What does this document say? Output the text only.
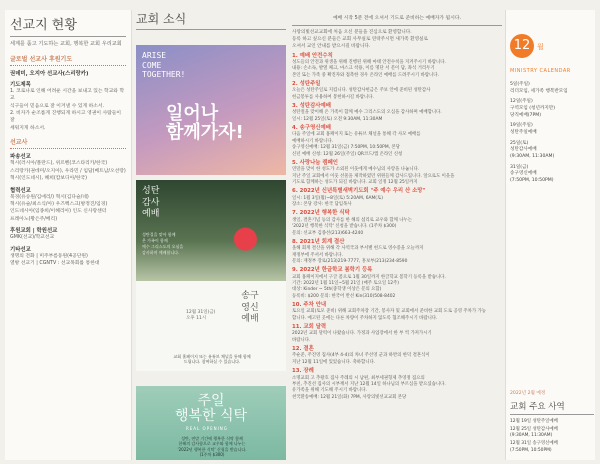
선교지 현황
세계를 품고 기도하는 교회, 행복한 교회 우리교회
글로벌 선교사 후원기도
권데미, 오지아 선교사(스리랑카)
기도제목
1. 코로나로 인해 어려운 시간을 보내고 있는 학교와 학교
식구들이 믿음으로 잘 이겨낼 수 있게 하소서.
2. 비자가 순조롭게 진행되게 하시고 영권이 사람들이 잘
세워지게 하소서.
선교사
파송선교
혁시(러시아/폴란드), 위르벤(코스타리카/한국)
스리랑카(권데미/오지아), 우라민 / 임답(베트남/오선랑)
혁시(인도네시), 혜희(캄보디아/한국)
협력선교
북경(유승원/김애리/) 혁시(김다슬/네)
혁시(유슬/최소식/아) 우즈벡스크(방정진/임경)
인도네시아(임종희/이혜리아) 인도 신사랑센터
프레아노(황은주/베리)
후원교회 | 학원선교
GMK(선교)/학교선교
기타선교
생명의 전화 | 미주부름동원(4공단원)
열방 선교기 | CGNTV : 선교목회를 통한대
교회 소식
ARISE
COME
TOGETHER!
일어나
함께가자!
성탄
감사
예배
성탄절을 맞아 함께
온 가족이 함께
예수 그리스도의 오심을
감사하며 예배합니다.
송구
영신
예배
12월 31일(금)
오후 11시
교회 홈페이지 또는 유튜브 채널을 통해 함께
드립니다. 참여하실 수 있습니다.
주일
행복한 식탁
REAL OPENING
성탄, 연말 기간에 행복한 식탁 함께
한해의 감사함으로 교우와 함께 나누는
'2022년 행복한 식탁' 신청을 받습니다.
(1주차 $300)
예배 시작 5분 전에 오셔서 기도로 준비하는 예배자가 됩시다.
사랑의빛선교교회에 처음 오신 분들을 진심으로 환영합니다.
등록 하고 싶으신 분들은 교회 사무실로 연락주시면 새가족 환영실로
오셔서 교인 안내를 받으시길 바랍니다.
1. 예배 안전수칙
성도들의 안전과 위생을 위해 진행된 위해 마태 안전수칙을 지켜주시기 바랍니다.
내용: 손소독, 발열 체크, 마스크 착용, 이름 명단 서 문이 담, 좌석 거리두기
본인 또는 가족 중 확진자와 접촉한 경우 온라인 예배를 드려주시기 바랍니다.
2. 성탄주일
오늘은 성탄주일로 지킵니다. 성탄감사헌금은 주보 안에 준비된 성탄감사
헌금봉투를 사용하여 봉헌하시길 바랍니다.
3. 성탄감사예배
성탄절을 맞이해 온 가족이 함께 예수 그리스도의 오심을 감사하며 예배합니다.
일시: 12월 25일(토) 오전 9:30AM, 11:30AM
4. 송구영신예배
다음 주일에 교회 홈페이지 또는 유튜브 채널을 통해 각 사모 예배를
예배하시기 바랍니다.
송구영신예배: 12월 31일(금) 7:50PM, 10:50PM, 본당
신년 예배 신청: 12월 26일(주일) QR코드/앱 온라인 신청
5. 사랑나눔 캠페인
연말을 맞이 한 성도가 소외된 이웃에게 예수님의 사랑을 나눕니다.
지난 주일 교회에서 이웃 선물을 제작하였던 위원들께 감사드립니다. 앞으로도 이웃을
기도로 함께하는 성도가 되길 바랍니다. 교회 일정 12월 25일까지
6. 2022년 신년특별새벽기도회 "주 예수 우리 산 소망"
일시: 1월 3일(월)~8일(토) 5:20AM, 6AM(토)
장소: 본당 강사: 한국 담임목사
7. 2022년 행복한 식탁
생일, 결혼기념 등의 감사를 한 해의 섭리로 교우와 함께 나누는
'2022년 행복한 식탁' 신청을 받습니다. (1주차 $300)
문의: 선교부 김종선(213)663-4240
8. 2021년 회계 결산
올해 회계 결산을 위해 각 사역국과 부서별 헌드로 영수증을 오늘까지
재정부에 주셔서 바랍니다.
문의: 재정부 장로(213)219-7777, 홍보부(213)234-8590
9. 2022년 한글학교 봄학기 등록
교회 홈페이지에서 구글 폼으로 1월 30일까지 한글학교 봄학기 등록을 받습니다.
기간: 2022년 1월 11일~5월 21일 (매주 토요일 12주)
대상: Kinder ~ 5th(중학생 이상은 문의 요함)
등록비: $200 문의: 한국어 반선 Kin(310)508-8402
10. 주차 안내
토요일 교회(토모 준비) 위해 교회주차장 기간, 봉사자 및 교회에서 준비한 교회 도로 공영 주차가 가능
합니다. 예고된 곳에는 다른 차량이 주차하지 않도록 협조해주시기 바랍니다.
11. 교회 달력
2022년 교회 달력이 나왔습니다. 가정과 사업장에서 한 부 씩 가져가시기
바랍니다.
12. 결혼
주순준, 주진영 집사(4부 4-4)의 차녀 주선영 군과 하반의 한덕 결혼식이
지난 12월 11일에 있었습니다. 축하합니다.
13. 장례
소명교회 고 추왕호 집사 주례의 시 남편, 최부세권형제 추영정 집으의
부친, 추진선 집사의 시부께서 지난 12월 14일 하나님의 부르심을 받으셨습니다.
유가족을 위해 기도해 주시기 바랍니다.
천국환송예배: 12월 21일(화) 7PM, 사랑의빛선교교회 본당
12 월
MINISTRY CALENDAR
5일(주일)
리더모임, 세가족 행복반모임
12일(주일)
구역모임 (청년까지만)
당직예배(7PM)
19일(주일)
성탄주일예배
25일(토)
성탄감사예배
(9:30AM, 11:30AM)
31일(금)
송구영신예배
(7:50PM, 10:50PM)
2022년 2월 예정
교회 주요 사역
12월 19일 성탄주일예배
12월 25일 성탄감사예배
(9:30AM, 11:30AM)
12월 31일 송구영신예배
(7:50PM, 10:50PM)
